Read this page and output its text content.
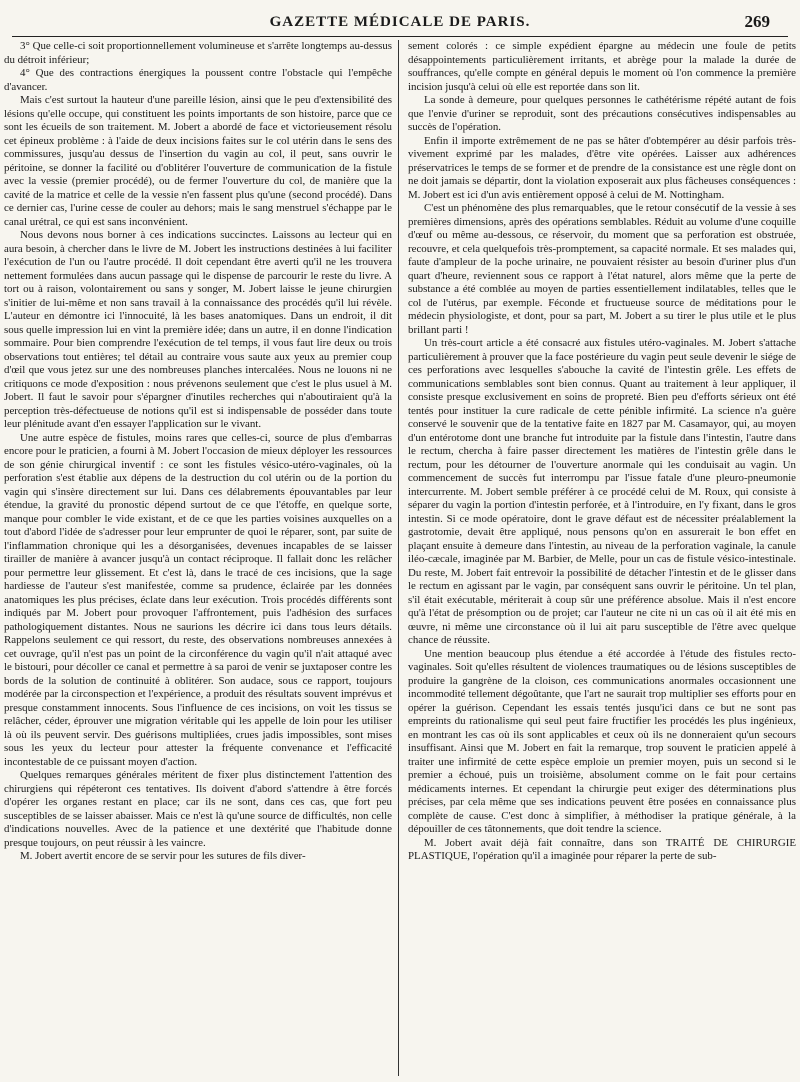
GAZETTE MÉDICALE DE PARIS.	269

3° Que celle-ci soit proportionnellement volumineuse et s'arrête longtemps au-dessus du détroit inférieur;

4° Que des contractions énergiques la poussent contre l'obstacle qui l'empêche d'avancer.

Mais c'est surtout la hauteur d'une pareille lésion, ainsi que le peu d'extensibilité des lésions qu'elle occupe, qui constituent les points importants de son histoire, parce que ce sont les écueils de son traitement. M. Jobert a abordé de face et victorieusement résolu cet épineux problème : à l'aide de deux incisions faites sur le col utérin dans le sens des commissures, jusqu'au dessus de l'insertion du vagin au col, il peut, sans ouvrir le péritoine, se donner la facilité ou d'oblitérer l'ouverture de communication de la fistule avec la vessie (premier procédé), ou de fermer l'ouverture du col, de manière que la cavité de la matrice et celle de la vessie n'en fassent plus qu'une (second procédé). Dans ce dernier cas, l'urine cesse de couler au dehors; mais le sang menstruel s'échappe par le canal urétral, ce qui est sans inconvénient.

Nous devons nous borner à ces indications succinctes. Laissons au lecteur qui en aura besoin, à chercher dans le livre de M. Jobert les instructions destinées à lui faciliter l'exécution de l'un ou l'autre procédé. Il doit cependant être averti qu'il ne les trouvera nettement formulées dans aucun passage qui le dispense de parcourir le reste du livre. A tort ou à raison, volontairement ou sans y songer, M. Jobert laisse le jeune chirurgien s'initier de lui-même et non sans travail à la connaissance des procédés qu'il lui révèle. L'auteur en démontre ici l'innocuité, là les bases anatomiques. Dans un endroit, il dit sous quelle impression lui en vint la première idée; dans un autre, il en donne l'indication sommaire. Pour bien comprendre l'exécution de tel temps, il vous faut lire deux ou trois observations tout entières; tel détail au contraire vous saute aux yeux au premier coup d'œil que vous jetez sur une des nombreuses planches intercalées. Nous ne louons ni ne critiquons ce mode d'exposition : nous prévenons seulement que c'est le plus usuel à M. Jobert. Il faut le savoir pour s'épargner d'inutiles recherches qui n'aboutiraient qu'à la perception très-défectueuse de notions qu'il est si indispensable de posséder dans toute leur plénitude avant d'en essayer l'application sur le vivant.

Une autre espèce de fistules, moins rares que celles-ci, source de plus d'embarras encore pour le praticien, a fourni à M. Jobert l'occasion de mieux déployer les ressources de son génie chirurgical inventif : ce sont les fistules vésico-utéro-vaginales, où la perforation s'est établie aux dépens de la destruction du col utérin ou de la portion du vagin qui s'insère directement sur lui. Dans ces délabrements épouvantables par leur étendue, la gravité du pronostic dépend surtout de ce que l'étoffe, en quelque sorte, manque pour combler le vide existant, et de ce que les parties voisines auxquelles on a tout d'abord l'idée de s'adresser pour leur emprunter de quoi le réparer, sont, par suite de l'inflammation chronique qui les a désorganisées, devenues incapables de se laisser tirailler de manière à avancer jusqu'à un contact réciproque. Il fallait donc les relâcher pour permettre leur glissement. Et c'est là, dans le tracé de ces incisions, que la sage hardiesse de l'auteur s'est manifestée, comme sa prudence, éclairée par les données anatomiques les plus précises, éclate dans leur exécution. Trois procédés différents sont indiqués par M. Jobert pour provoquer l'affrontement, puis l'adhésion des surfaces pathologiquement distantes. Nous ne saurions les décrire ici dans tous leurs détails. Rappelons seulement ce qui ressort, du reste, des observations nombreuses annexées à cet ouvrage, qu'il n'est pas un point de la circonférence du vagin qu'il n'ait attaqué avec le bistouri, pour décoller ce canal et permettre à sa paroi de venir se juxtaposer contre les bords de la solution de continuité à oblitérer. Son audace, sous ce rapport, toujours modérée par la circonspection et l'expérience, a produit des résultats souvent imprévus et presque constamment innocents. Sous l'influence de ces incisions, on voit les tissus se relâcher, céder, éprouver une migration véritable qui les appelle de loin pour les utiliser là où ils peuvent servir. Des guérisons multipliées, crues jadis impossibles, sont mises sous les yeux du lecteur pour attester la fréquente convenance et l'efficacité incontestable de ce puissant moyen d'action.

Quelques remarques générales méritent de fixer plus distinctement l'attention des chirurgiens qui répéteront ces tentatives. Ils doivent d'abord s'attendre à être forcés d'opérer les organes restant en place; car ils ne sont, dans ces cas, que fort peu susceptibles de se laisser abaisser. Mais ce n'est là qu'une source de difficultés, non celle d'indications nouvelles. Avec de la patience et une dextérité que l'habitude donne presque toujours, on peut réussir à les vaincre.

M. Jobert avertit encore de se servir pour les sutures de fils diver-

sement colorés : ce simple expédient épargne au médecin une foule de petits désappointements particulièrement irritants, et abrège pour la malade la durée de souffrances, qu'elle compte en général depuis le moment où l'on commence la première incision jusqu'à celui où elle est reportée dans son lit.

La sonde à demeure, pour quelques personnes le cathétérisme répété autant de fois que l'envie d'uriner se reproduit, sont des précautions consécutives indispensables au succès de l'opération.

Enfin il importe extrêmement de ne pas se hâter d'obtempérer au désir parfois très-vivement exprimé par les malades, d'être vite opérées. Laisser aux adhérences préservatrices le temps de se former et de prendre de la consistance est une règle dont on ne doit jamais se départir, dont la violation exposerait aux plus fâcheuses conséquences : M. Jobert est ici d'un avis entièrement opposé à celui de M. Nottingham.

C'est un phénomène des plus remarquables, que le retour consécutif de la vessie à ses premières dimensions, après des opérations semblables. Réduit au volume d'une coquille d'œuf ou même au-dessous, ce réservoir, du moment que sa perforation est obstruée, recouvre, et cela quelquefois très-promptement, sa capacité normale. Et ses malades qui, faute d'ampleur de la poche urinaire, ne pouvaient résister au besoin d'uriner plus d'un quart d'heure, reviennent sous ce rapport à l'état naturel, alors même que la perte de substance a été comblée au moyen de parties essentiellement indilatables, telles que le col de l'utérus, par exemple. Féconde et fructueuse source de méditations pour le médecin physiologiste, et dont, pour sa part, M. Jobert a su tirer le plus utile et le plus brillant parti !

Un très-court article a été consacré aux fistules utéro-vaginales. M. Jobert s'attache particulièrement à prouver que la face postérieure du vagin peut seule devenir le siége de ces perforations avec lesquelles s'abouche la cavité de l'intestin grêle. Les effets de communications semblables sont bien connus. Quant au traitement à leur appliquer, il consiste presque exclusivement en soins de propreté. Bien peu d'efforts sérieux ont été tentés pour instituer la cure radicale de cette pénible infirmité. La science n'a guère conservé le souvenir que de la tentative faite en 1827 par M. Casamayor, qui, au moyen d'un entérotome dont une branche fut introduite par la fistule dans l'intestin, l'autre dans le rectum, chercha à faire passer directement les matières de l'intestin grêle dans le rectum, pour les détourner de l'ouverture anormale qui les conduisait au vagin. Un commencement de succès fut interrompu par l'issue fatale d'une pleuro-pneumonie intercurrente. M. Jobert semble préférer à ce procédé celui de M. Roux, qui consiste à séparer du vagin la portion d'intestin perforée, et à l'introduire, en l'y fixant, dans le gros intestin. Si ce mode opératoire, dont le grave défaut est de nécessiter préalablement la gastrotomie, devait être appliqué, nous pensons qu'on en assurerait le bon effet en plaçant ensuite à demeure dans l'intestin, au niveau de la perforation vaginale, la canule iléo-cæcale, imaginée par M. Barbier, de Melle, pour un cas de fistule vésico-intestinale. Du reste, M. Jobert fait entrevoir la possibilité de détacher l'intestin et de le glisser dans le rectum en agissant par le vagin, par conséquent sans ouvrir le péritoine. Un tel plan, s'il était exécutable, mériterait à coup sûr une préférence absolue. Mais il n'est encore qu'à l'état de présomption ou de projet; car l'auteur ne cite ni un cas où il ait été mis en œuvre, ni même une circonstance où il lui ait paru susceptible de l'être avec quelque chance de réussite.

Une mention beaucoup plus étendue a été accordée à l'étude des fistules recto-vaginales. Soit qu'elles résultent de violences traumatiques ou de lésions susceptibles de produire la gangrène de la cloison, ces communications anormales occasionnent une incommodité tellement dégoûtante, que l'art ne saurait trop multiplier ses efforts pour en opérer la guérison. Cependant les essais tentés jusqu'ici dans ce but ne sont pas empreints du rationalisme qui seul peut faire fructifier les procédés les plus ingénieux, en montrant les cas où ils sont applicables et ceux où ils ne donneraient qu'un secours insuffisant. Ainsi que M. Jobert en fait la remarque, trop souvent le praticien appelé à traiter une infirmité de cette espèce emploie un premier moyen, puis un second si le premier a échoué, puis un troisième, absolument comme on le fait pour certains médicaments internes. Et cependant la chirurgie peut exiger des déterminations plus précises, par cela même que ses indications peuvent être posées en connaissance plus complète de cause. C'est donc à simplifier, à méthodiser la pratique générale, à la dépouiller de ces tâtonnements, que doit tendre la science.

M. Jobert avait déjà fait connaître, dans son TRAITÉ DE CHIRURGIE PLASTIQUE, l'opération qu'il a imaginée pour réparer la perte de sub-
